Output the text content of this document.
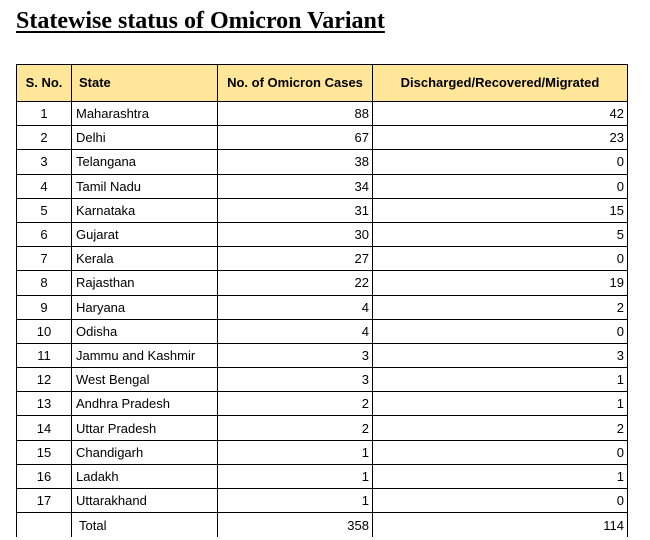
Statewise status of Omicron Variant
S. No.	State	No. of Omicron Cases	Discharged/Recovered/Migrated
1	Maharashtra	88	42
2	Delhi	67	23
3	Telangana	38	0
4	Tamil Nadu	34	0
5	Karnataka	31	15
6	Gujarat	30	5
7	Kerala	27	0
8	Rajasthan	22	19
9	Haryana	4	2
10	Odisha	4	0
11	Jammu and Kashmir	3	3
12	West Bengal	3	1
13	Andhra Pradesh	2	1
14	Uttar Pradesh	2	2
15	Chandigarh	1	0
16	Ladakh	1	1
17	Uttarakhand	1	0
	Total	358	114
